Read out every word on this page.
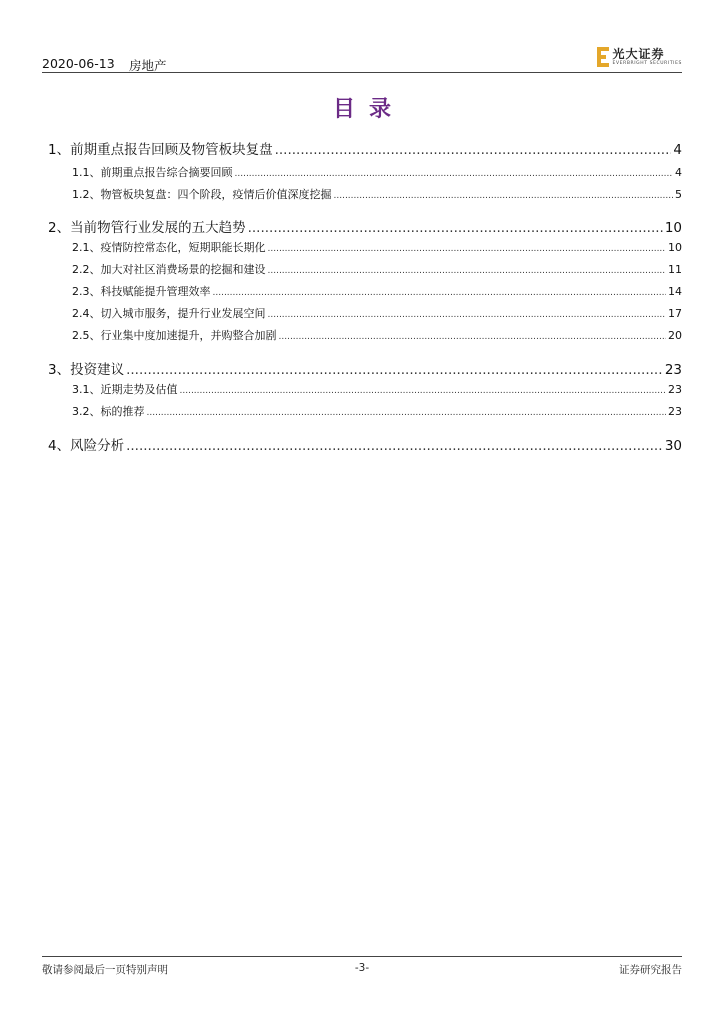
2020-06-13 房地产
光大证券
EVERBRIGHT SECURITIES
目录
1、 前期重点报告回顾及物管板块复盘 .....	4
1.1、 前期重点报告综合摘要回顾 .....	4
1.2、 物管板块复盘：四个阶段，疫情后价值深度挖掘 .....	5
2、 当前物管行业发展的五大趋势 .....	10
2.1、 疫情防控常态化，短期职能长期化 .....	10
2.2、 加大对社区消费场景的挖掘和建设 .....	11
2.3、 科技赋能提升管理效率 .....	14
2.4、 切入城市服务，提升行业发展空间 .....	17
2.5、 行业集中度加速提升，并购整合加剧 .....	20
3、 投资建议 .....	23
3.1、 近期走势及估值 .....	23
3.2、 标的推荐 .....	23
4、 风险分析 .....	30
敬请参阅最后一页特别声明	-3-	证券研究报告
